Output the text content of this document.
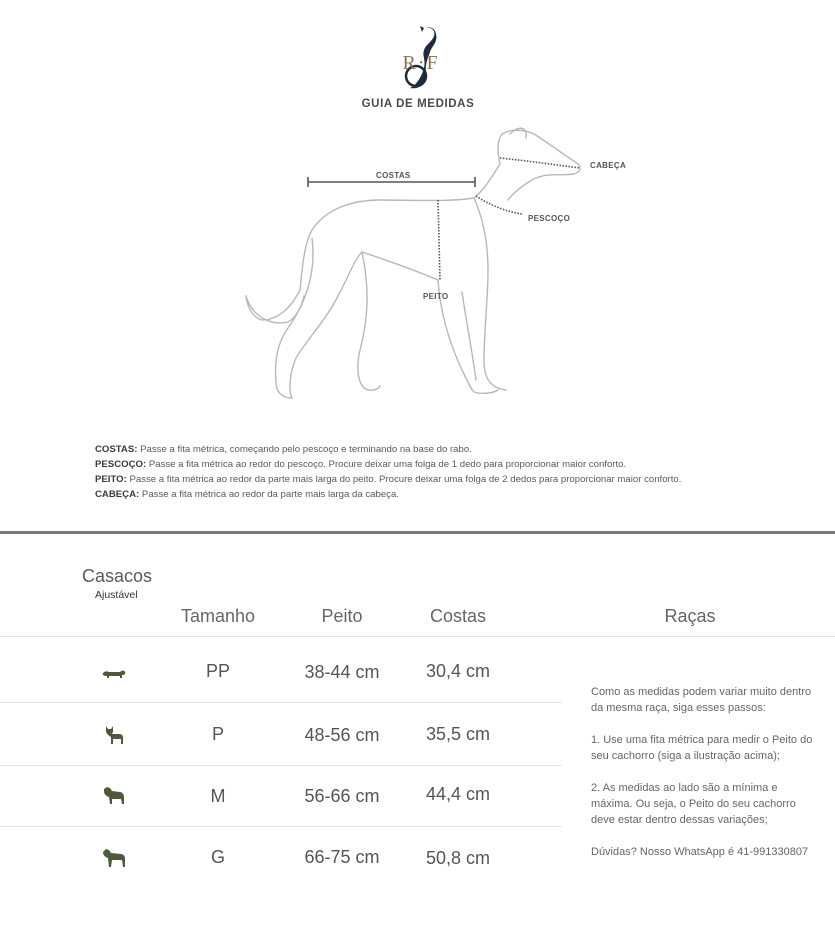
R·F
GUIA DE MEDIDAS
COSTAS
CABEÇA
PESCOÇO
PEITO
COSTAS: Passe a fita métrica, começando pelo pescoço e terminando na base do rabo.
PESCOÇO: Passe a fita métrica ao redor do pescoço. Procure deixar uma folga de 1 dedo para proporcionar maior conforto.
PEITO: Passe a fita métrica ao redor da parte mais larga do peito. Procure deixar uma folga de 2 dedos para proporcionar maior conforto.
CABEÇA: Passe a fita métrica ao redor da parte mais larga da cabeça.
Casacos
Ajustável
Tamanho	Peito	Costas	Raças
PP	38-44 cm	30,4 cm
P	48-56 cm	35,5 cm
M	56-66 cm	44,4 cm
G	66-75 cm	50,8 cm

Como as medidas podem variar muito dentro da mesma raça, siga esses passos:

1. Use uma fita métrica para medir o Peito do seu cachorro (siga a ilustração acima);

2. As medidas ao lado são a mínima e máxima. Ou seja, o Peito do seu cachorro deve estar dentro dessas variações;

Dúvidas? Nosso WhatsApp é 41-991330807
